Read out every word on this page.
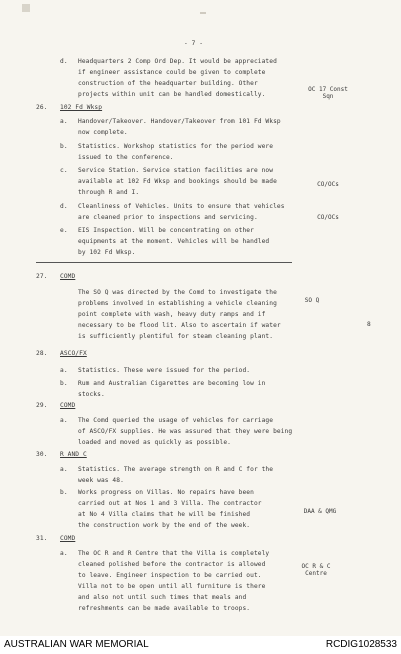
- 7 -
d. Headquarters 2 Comp Ord Dep. It would be appreciated
if engineer assistance could be given to complete
construction of the headquarter building. Other
projects within unit can be handled domestically.
OC 17 Const
Sqn
26. 102 Fd Wksp
a. Handover/Takeover. Handover/Takeover from 101 Fd Wksp
now complete.
b. Statistics. Workshop statistics for the period were
issued to the conference.
c. Service Station. Service station facilities are now
available at 102 Fd Wksp and bookings should be made
through R and I.
CO/OCs
d. Cleanliness of Vehicles. Units to ensure that vehicles
are cleaned prior to inspections and servicing.	CO/OCs
e. EIS Inspection. Will be concentrating on other
equipments at the moment. Vehicles will be handled
by 102 Fd Wksp.
27. COMD
The SO Q was directed by the Comd to investigate the
problems involved in establishing a vehicle cleaning
point complete with wash, heavy duty ramps and if
necessary to be flood lit. Also to ascertain if water
is sufficiently plentiful for steam cleaning plant.
SO Q
8
28. ASCO/FX
a. Statistics. These were issued for the period.
b. Rum and Australian Cigarettes are becoming low in
stocks.
29. COMD
a. The Comd queried the usage of vehicles for carriage
of ASCO/FX supplies. He was assured that they were being
loaded and moved as quickly as possible.
30. R AND C
a. Statistics. The average strength on R and C for the
week was 48.
b. Works progress on Villas. No repairs have been
carried out at Nos 1 and 3 Villa. The contractor
at No 4 Villa claims that he will be finished
the construction work by the end of the week.
DAA & QMG
31. COMD
a. The OC R and R Centre that the Villa is completely
cleaned polished before the contractor is allowed
to leave. Engineer inspection to be carried out.
Villa not to be open until all furniture is there
and also not until such times that meals and
refreshments can be made available to troops.
OC R & C
Centre
AUSTRALIAN WAR MEMORIAL	RCDIG1028533
